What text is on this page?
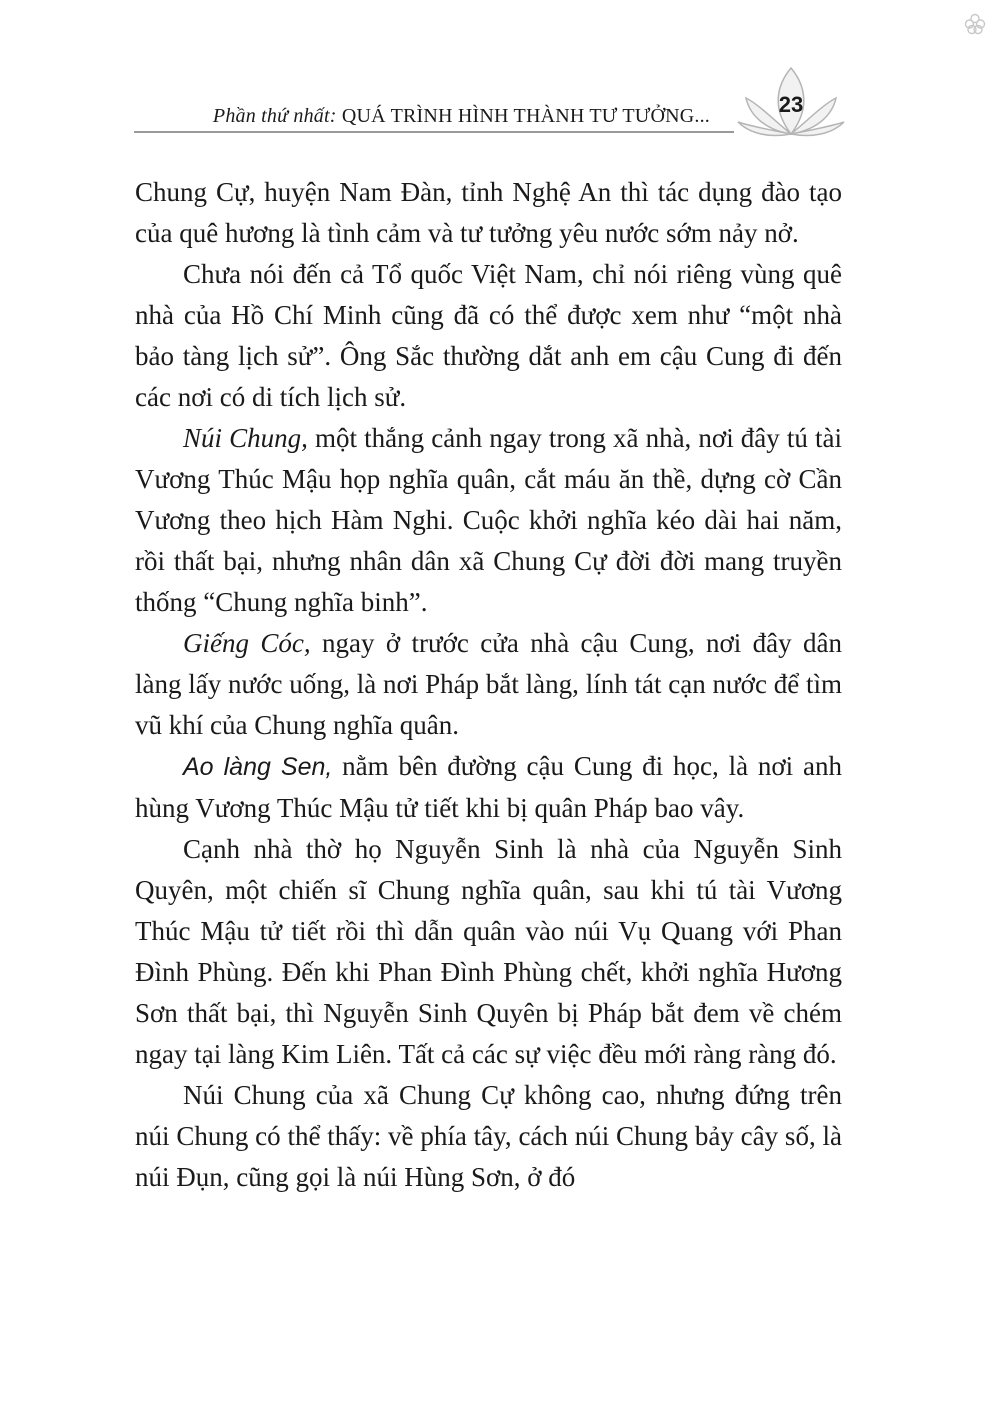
Phần thứ nhất: QUÁ TRÌNH HÌNH THÀNH TƯ TƯỞNG...	23

Chung Cự, huyện Nam Đàn, tỉnh Nghệ An thì tác dụng đào tạo của quê hương là tình cảm và tư tưởng yêu nước sớm nảy nở.

Chưa nói đến cả Tổ quốc Việt Nam, chỉ nói riêng vùng quê nhà của Hồ Chí Minh cũng đã có thể được xem như “một nhà bảo tàng lịch sử”. Ông Sắc thường dắt anh em cậu Cung đi đến các nơi có di tích lịch sử.

Núi Chung, một thắng cảnh ngay trong xã nhà, nơi đây tú tài Vương Thúc Mậu họp nghĩa quân, cắt máu ăn thề, dựng cờ Cần Vương theo hịch Hàm Nghi. Cuộc khởi nghĩa kéo dài hai năm, rồi thất bại, nhưng nhân dân xã Chung Cự đời đời mang truyền thống “Chung nghĩa binh”.

Giếng Cóc, ngay ở trước cửa nhà cậu Cung, nơi đây dân làng lấy nước uống, là nơi Pháp bắt làng, lính tát cạn nước để tìm vũ khí của Chung nghĩa quân.

Ao làng Sen, nằm bên đường cậu Cung đi học, là nơi anh hùng Vương Thúc Mậu tử tiết khi bị quân Pháp bao vây.

Cạnh nhà thờ họ Nguyễn Sinh là nhà của Nguyễn Sinh Quyên, một chiến sĩ Chung nghĩa quân, sau khi tú tài Vương Thúc Mậu tử tiết rồi thì dẫn quân vào núi Vụ Quang với Phan Đình Phùng. Đến khi Phan Đình Phùng chết, khởi nghĩa Hương Sơn thất bại, thì Nguyễn Sinh Quyên bị Pháp bắt đem về chém ngay tại làng Kim Liên. Tất cả các sự việc đều mới ràng ràng đó.

Núi Chung của xã Chung Cự không cao, nhưng đứng trên núi Chung có thể thấy: về phía tây, cách núi Chung bảy cây số, là núi Đụn, cũng gọi là núi Hùng Sơn, ở đó
